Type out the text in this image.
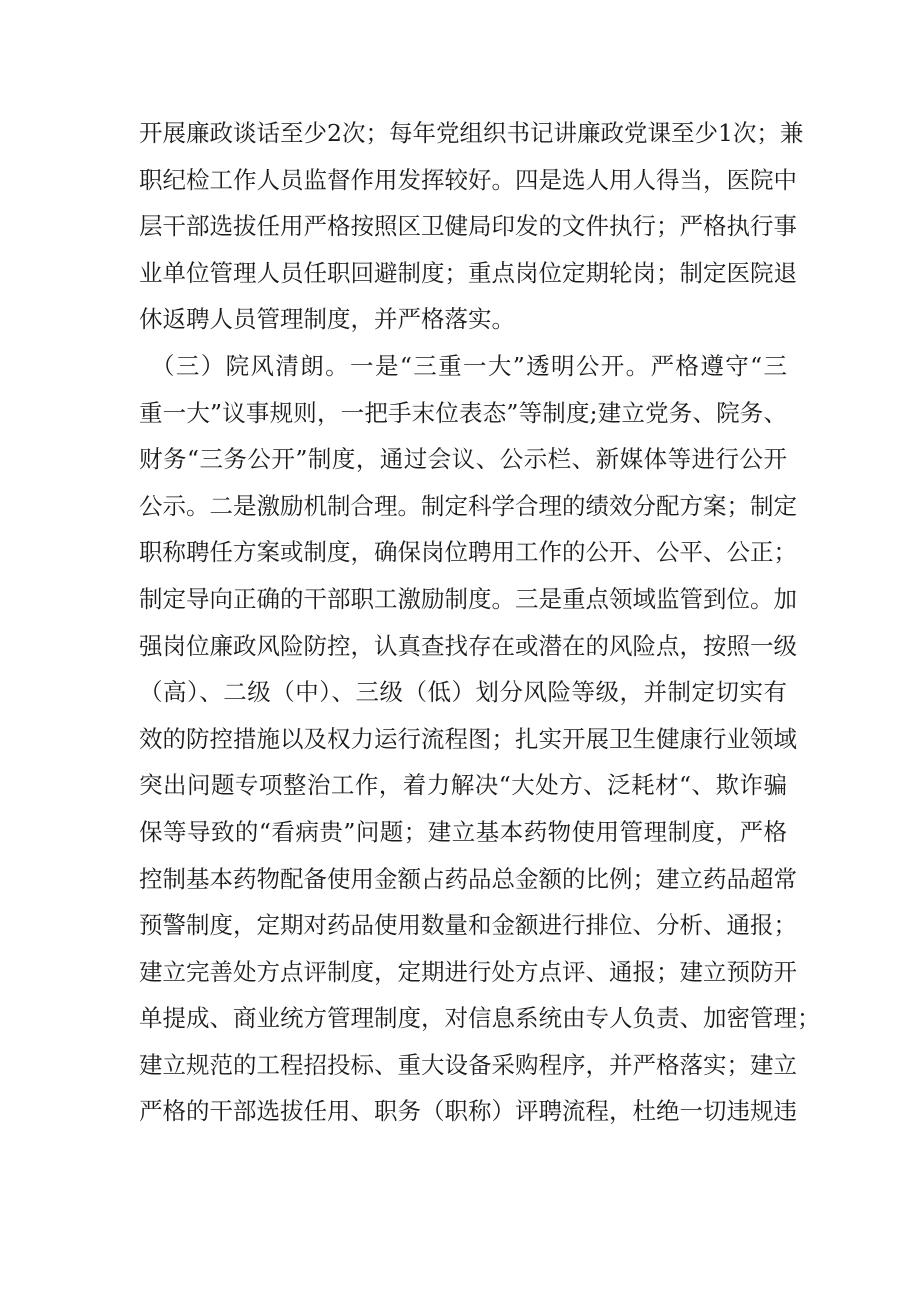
开展廉政谈话至少2次；每年党组织书记讲廉政党课至少1次；兼
职纪检工作人员监督作用发挥较好。四是选人用人得当，医院中
层干部选拔任用严格按照区卫健局印发的文件执行；严格执行事
业单位管理人员任职回避制度；重点岗位定期轮岗；制定医院退
休返聘人员管理制度，并严格落实。
（三）院风清朗。一是“三重一大”透明公开。严格遵守“三
重一大”议事规则，一把手末位表态”等制度;建立党务、院务、
财务“三务公开”制度，通过会议、公示栏、新媒体等进行公开
公示。二是激励机制合理。制定科学合理的绩效分配方案；制定
职称聘任方案或制度，确保岗位聘用工作的公开、公平、公正；
制定导向正确的干部职工激励制度。三是重点领域监管到位。加
强岗位廉政风险防控，认真查找存在或潜在的风险点，按照一级
（高）、二级（中）、三级（低）划分风险等级，并制定切实有
效的防控措施以及权力运行流程图；扎实开展卫生健康行业领域
突出问题专项整治工作，着力解决“大处方、泛耗材“、欺诈骗
保等导致的“看病贵”问题；建立基本药物使用管理制度，严格
控制基本药物配备使用金额占药品总金额的比例；建立药品超常
预警制度，定期对药品使用数量和金额进行排位、分析、通报；
建立完善处方点评制度，定期进行处方点评、通报；建立预防开
单提成、商业统方管理制度，对信息系统由专人负责、加密管理；
建立规范的工程招投标、重大设备采购程序，并严格落实；建立
严格的干部选拔任用、职务（职称）评聘流程，杜绝一切违规违
